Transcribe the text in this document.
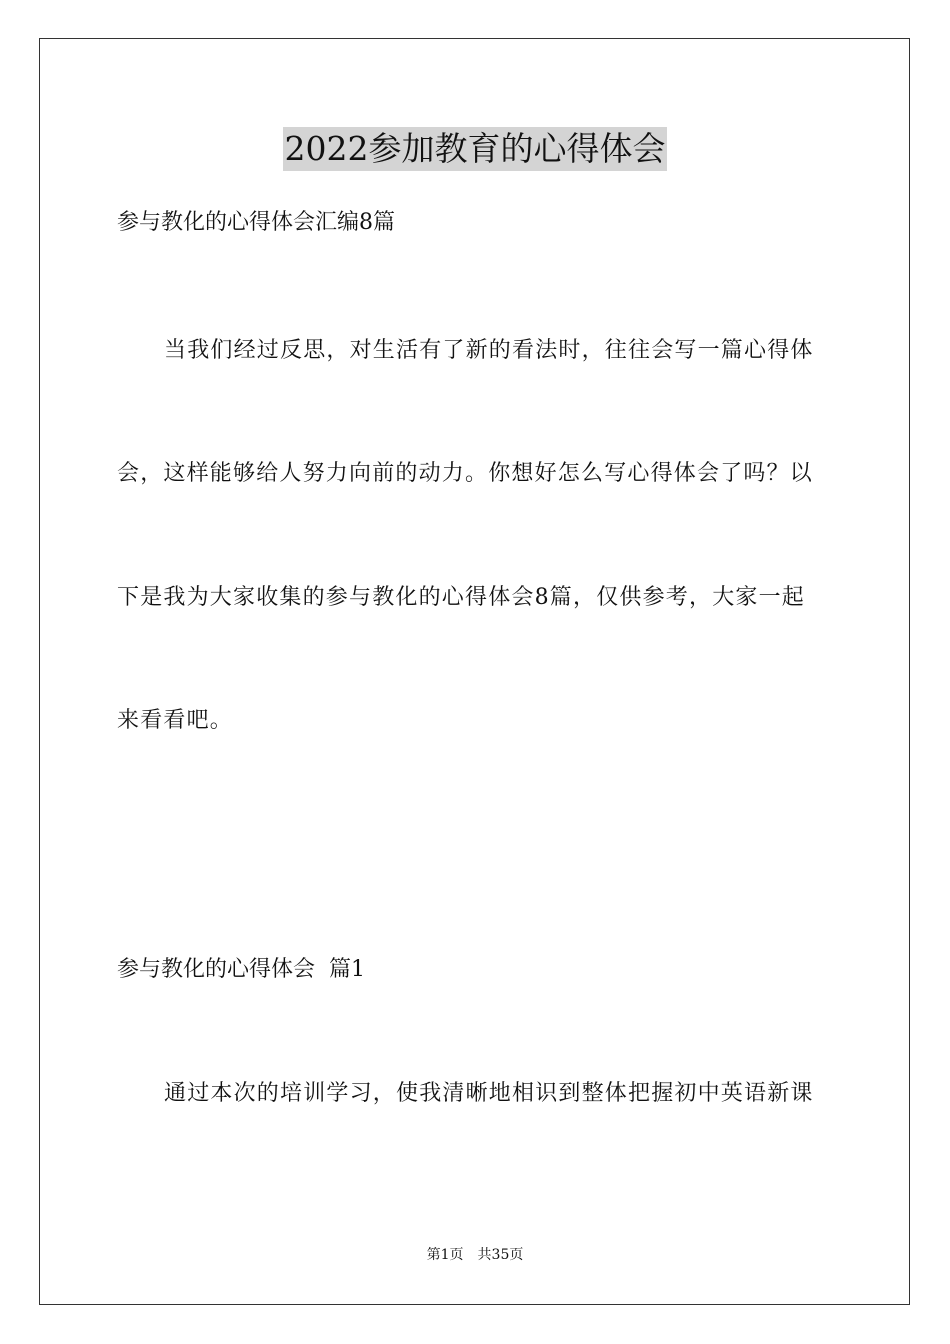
2022参加教育的心得体会
参与教化的心得体会汇编8篇
当我们经过反思，对生活有了新的看法时，往往会写一篇心得体
会，这样能够给人努力向前的动力。你想好怎么写心得体会了吗？以
下是我为大家收集的参与教化的心得体会8篇，仅供参考，大家一起
来看看吧。
参与教化的心得体会  篇1
通过本次的培训学习，使我清晰地相识到整体把握初中英语新课
第1页 共35页
